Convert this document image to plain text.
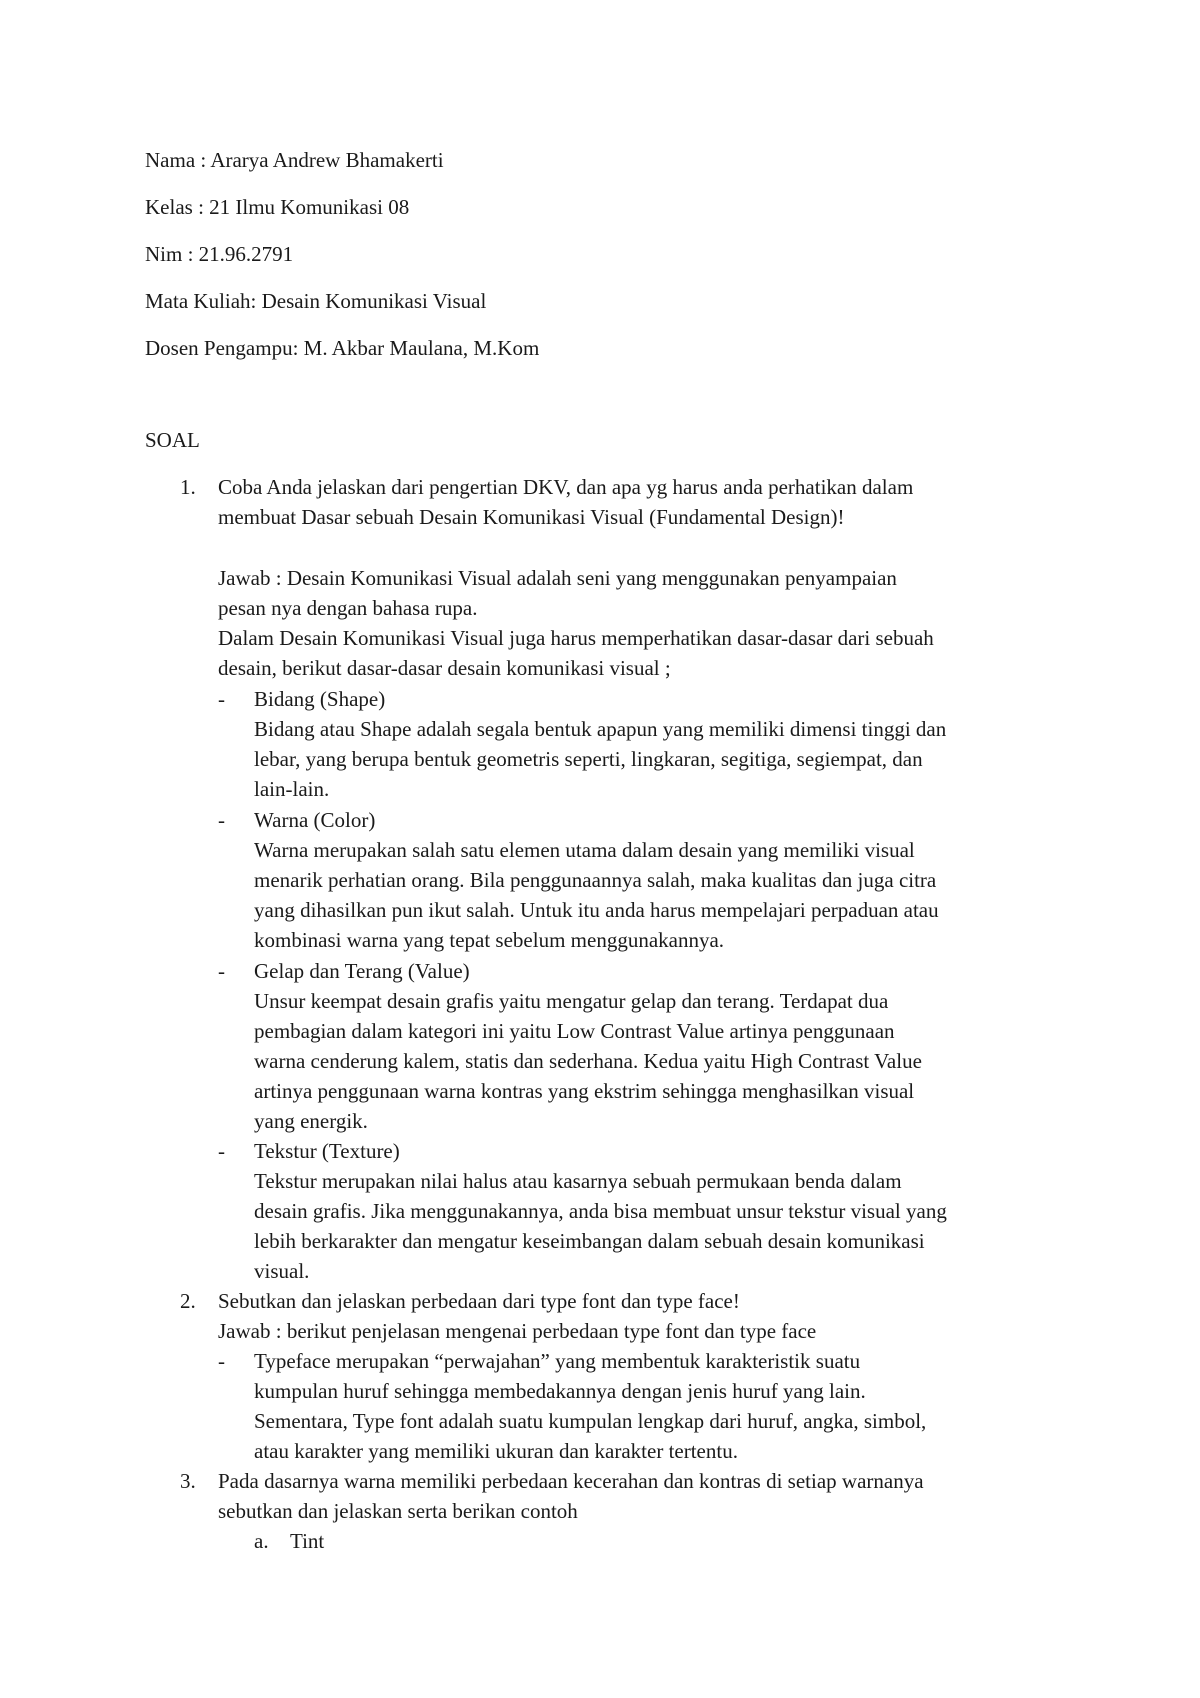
Nama : Ararya Andrew Bhamakerti

Kelas : 21 Ilmu Komunikasi 08

Nim : 21.96.2791

Mata Kuliah: Desain Komunikasi Visual

Dosen Pengampu: M. Akbar Maulana, M.Kom

SOAL

1. Coba Anda jelaskan dari pengertian DKV, dan apa yg harus anda perhatikan dalam
membuat Dasar sebuah Desain Komunikasi Visual (Fundamental Design)!

Jawab : Desain Komunikasi Visual adalah seni yang menggunakan penyampaian
pesan nya dengan bahasa rupa.
Dalam Desain Komunikasi Visual juga harus memperhatikan dasar-dasar dari sebuah
desain, berikut dasar-dasar desain komunikasi visual ;

- Bidang (Shape)
Bidang atau Shape adalah segala bentuk apapun yang memiliki dimensi tinggi dan
lebar, yang berupa bentuk geometris seperti, lingkaran, segitiga, segiempat, dan
lain-lain.

- Warna (Color)
Warna merupakan salah satu elemen utama dalam desain yang memiliki visual
menarik perhatian orang. Bila penggunaannya salah, maka kualitas dan juga citra
yang dihasilkan pun ikut salah. Untuk itu anda harus mempelajari perpaduan atau
kombinasi warna yang tepat sebelum menggunakannya.

- Gelap dan Terang (Value)
Unsur keempat desain grafis yaitu mengatur gelap dan terang. Terdapat dua
pembagian dalam kategori ini yaitu Low Contrast Value artinya penggunaan
warna cenderung kalem, statis dan sederhana. Kedua yaitu High Contrast Value
artinya penggunaan warna kontras yang ekstrim sehingga menghasilkan visual
yang energik.

- Tekstur (Texture)
Tekstur merupakan nilai halus atau kasarnya sebuah permukaan benda dalam
desain grafis. Jika menggunakannya, anda bisa membuat unsur tekstur visual yang
lebih berkarakter dan mengatur keseimbangan dalam sebuah desain komunikasi
visual.

2. Sebutkan dan jelaskan perbedaan dari type font dan type face!
Jawab : berikut penjelasan mengenai perbedaan type font dan type face

- Typeface merupakan “perwajahan” yang membentuk karakteristik suatu
kumpulan huruf sehingga membedakannya dengan jenis huruf yang lain.
Sementara, Type font adalah suatu kumpulan lengkap dari huruf, angka, simbol,
atau karakter yang memiliki ukuran dan karakter tertentu.

3. Pada dasarnya warna memiliki perbedaan kecerahan dan kontras di setiap warnanya
sebutkan dan jelaskan serta berikan contoh

a. Tint
